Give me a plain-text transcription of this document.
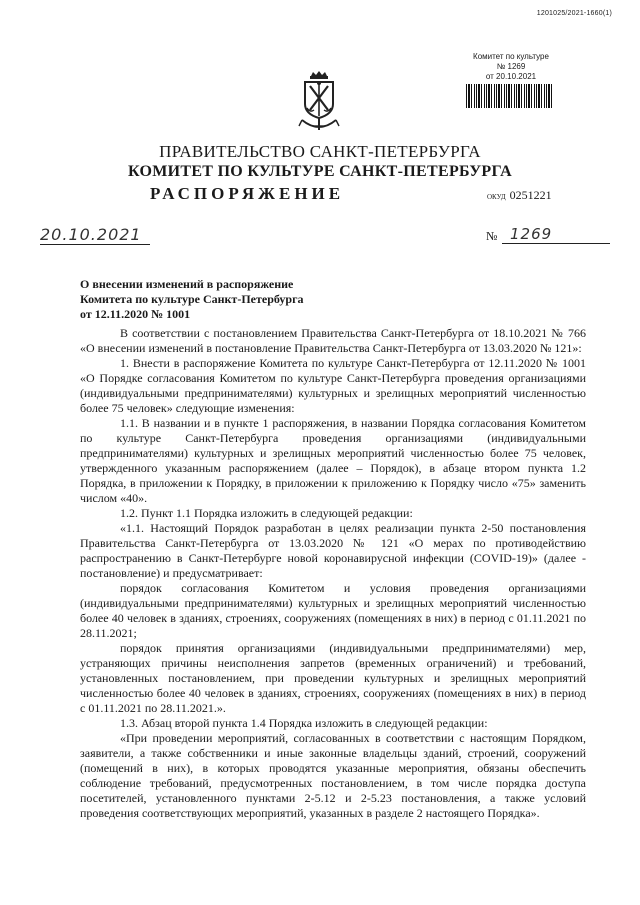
1201025/2021-1660(1)
Комитет по культуре
№ 1269
от 20.10.2021
ПРАВИТЕЛЬСТВО САНКТ-ПЕТЕРБУРГА
КОМИТЕТ ПО КУЛЬТУРЕ САНКТ-ПЕТЕРБУРГА
РАСПОРЯЖЕНИЕ	ОКУД 0251221
20.10.2021	№ 1269
О внесении изменений в распоряжение
Комитета по культуре Санкт-Петербурга
от 12.11.2020 № 1001

В соответствии с постановлением Правительства Санкт-Петербурга от 18.10.2021 № 766 «О внесении изменений в постановление Правительства Санкт-Петербурга от 13.03.2020 № 121»:

1. Внести в распоряжение Комитета по культуре Санкт-Петербурга от 12.11.2020 № 1001 «О Порядке согласования Комитетом по культуре Санкт-Петербурга проведения организациями (индивидуальными предпринимателями) культурных и зрелищных мероприятий численностью более 75 человек» следующие изменения:

1.1. В названии и в пункте 1 распоряжения, в названии Порядка согласования Комитетом по культуре Санкт-Петербурга проведения организациями (индивидуальными предпринимателями) культурных и зрелищных мероприятий численностью более 75 человек, утвержденного указанным распоряжением (далее – Порядок), в абзаце втором пункта 1.2 Порядка, в приложении к Порядку, в приложении к приложению к Порядку число «75» заменить числом «40».

1.2. Пункт 1.1 Порядка изложить в следующей редакции:

«1.1. Настоящий Порядок разработан в целях реализации пункта 2-50 постановления Правительства Санкт-Петербурга от 13.03.2020 № 121 «О мерах по противодействию распространению в Санкт-Петербурге новой коронавирусной инфекции (COVID-19)» (далее - постановление) и предусматривает:

порядок согласования Комитетом и условия проведения организациями (индивидуальными предпринимателями) культурных и зрелищных мероприятий численностью более 40 человек в зданиях, строениях, сооружениях (помещениях в них) в период с 01.11.2021 по 28.11.2021;

порядок принятия организациями (индивидуальными предпринимателями) мер, устраняющих причины неисполнения запретов (временных ограничений) и требований, установленных постановлением, при проведении культурных и зрелищных мероприятий численностью более 40 человек в зданиях, строениях, сооружениях (помещениях в них) в период с 01.11.2021 по 28.11.2021.».

1.3. Абзац второй пункта 1.4 Порядка изложить в следующей редакции:

«При проведении мероприятий, согласованных в соответствии с настоящим Порядком, заявители, а также собственники и иные законные владельцы зданий, строений, сооружений (помещений в них), в которых проводятся указанные мероприятия, обязаны обеспечить соблюдение требований, предусмотренных постановлением, в том числе порядка доступа посетителей, установленного пунктами 2-5.12 и 2-5.23 постановления, а также условий проведения соответствующих мероприятий, указанных в разделе 2 настоящего Порядка».
